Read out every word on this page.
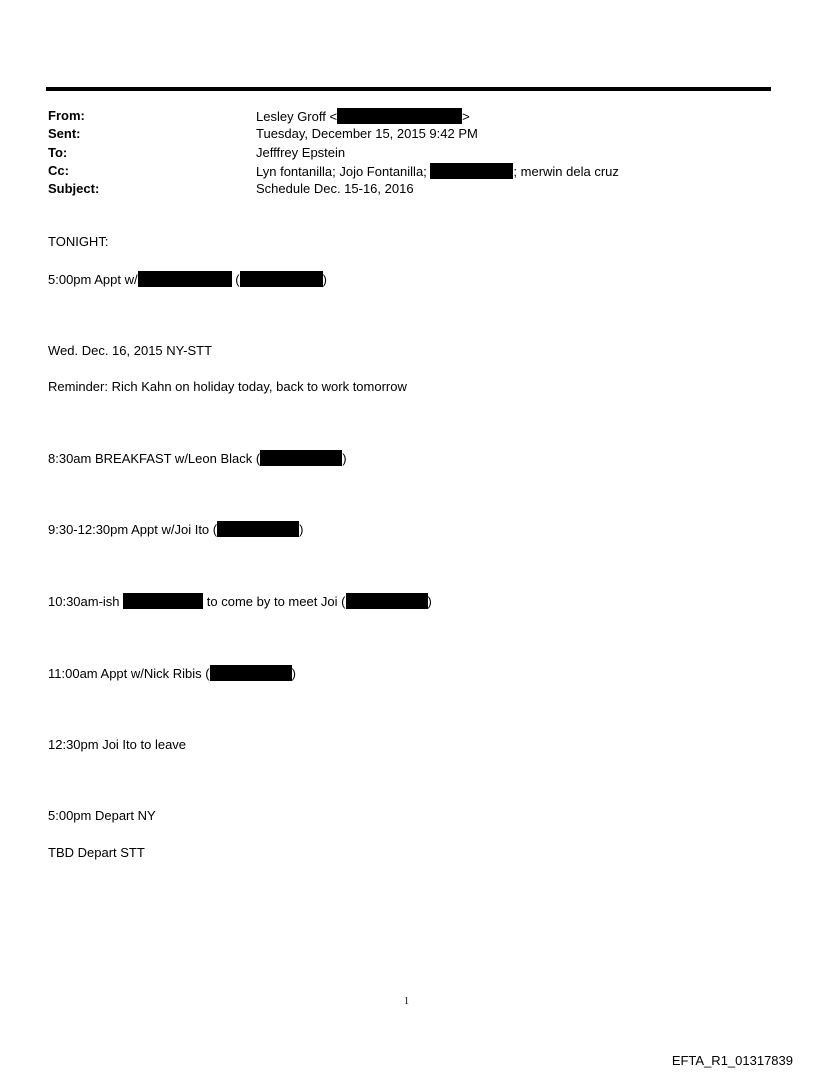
From:	Lesley Groff <	>
Sent:	Tuesday, December 15, 2015 9:42 PM
To:	Jefffrey Epstein
Cc:	Lyn fontanilla; Jojo Fontanilla;	; merwin dela cruz
Subject:	Schedule Dec. 15-16, 2016
TONIGHT:
5:00pm Appt w/	(	)
Wed. Dec. 16, 2015 NY-STT
Reminder: Rich Kahn on holiday today, back to work tomorrow
8:30am BREAKFAST w/Leon Black (	)
9:30-12:30pm Appt w/Joi Ito (	)
10:30am-ish	to come by to meet Joi (	)
11:00am Appt w/Nick Ribis (	)
12:30pm Joi Ito to leave
5:00pm Depart NY
TBD Depart STT
1
EFTA_R1_01317839
